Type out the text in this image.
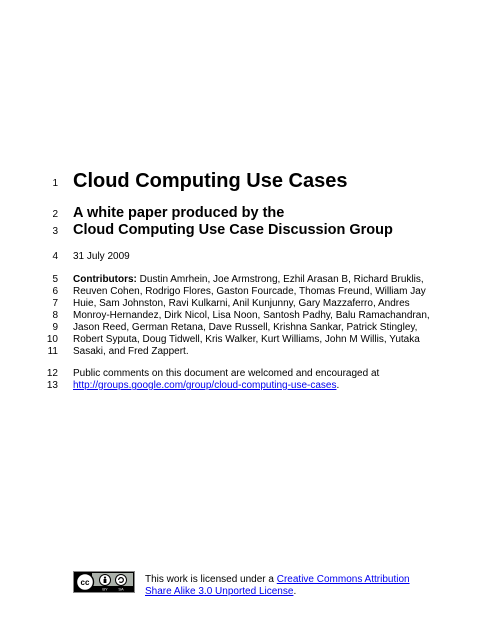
1 Cloud Computing Use Cases
2 A white paper produced by the
3 Cloud Computing Use Case Discussion Group
4 31 July 2009
5 Contributors: Dustin Amrhein, Joe Armstrong, Ezhil Arasan B, Richard Bruklis,
6 Reuven Cohen, Rodrigo Flores, Gaston Fourcade, Thomas Freund, William Jay
7 Huie, Sam Johnston, Ravi Kulkarni, Anil Kunjunny, Gary Mazzaferro, Andres
8 Monroy-Hernandez, Dirk Nicol, Lisa Noon, Santosh Padhy, Balu Ramachandran,
9 Jason Reed, German Retana, Dave Russell, Krishna Sankar, Patrick Stingley,
10 Robert Syputa, Doug Tidwell, Kris Walker, Kurt Williams, John M Willis, Yutaka
11 Sasaki, and Fred Zappert.
12 Public comments on this document are welcomed and encouraged at
13 http://groups.google.com/group/cloud-computing-use-cases.
cc
BY	SA
This work is licensed under a Creative Commons Attribution
Share Alike 3.0 Unported License.
